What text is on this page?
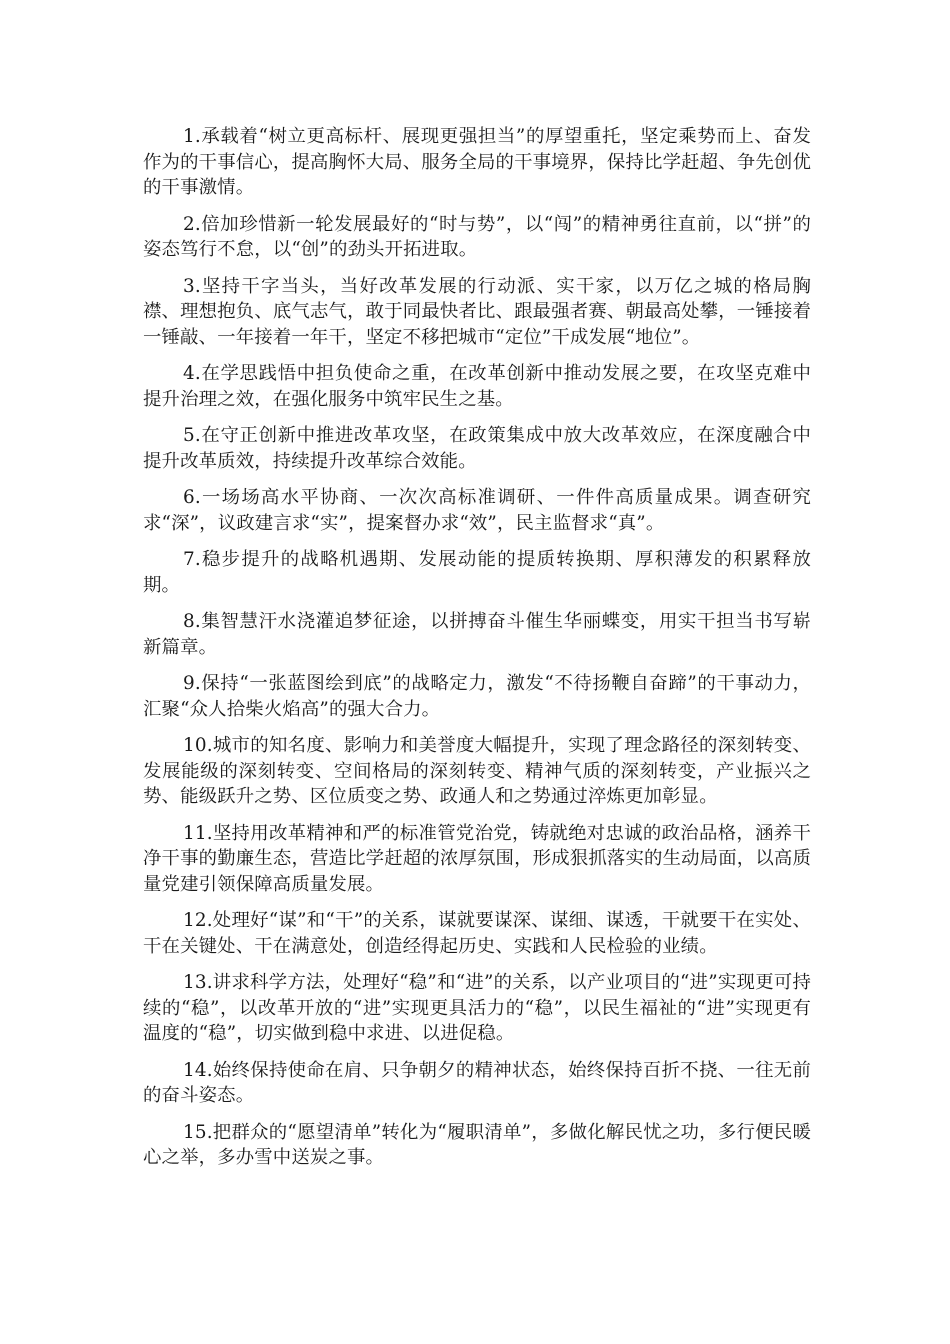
1.承载着“树立更高标杆、展现更强担当”的厚望重托，坚定乘势而上、奋发作为的干事信心，提高胸怀大局、服务全局的干事境界，保持比学赶超、争先创优的干事激情。

2.倍加珍惜新一轮发展最好的“时与势”，以“闯”的精神勇往直前，以“拼”的姿态笃行不怠，以“创”的劲头开拓进取。

3.坚持干字当头，当好改革发展的行动派、实干家，以万亿之城的格局胸襟、理想抱负、底气志气，敢于同最快者比、跟最强者赛、朝最高处攀，一锤接着一锤敲、一年接着一年干，坚定不移把城市“定位”干成发展“地位”。

4.在学思践悟中担负使命之重，在改革创新中推动发展之要，在攻坚克难中提升治理之效，在强化服务中筑牢民生之基。

5.在守正创新中推进改革攻坚，在政策集成中放大改革效应，在深度融合中提升改革质效，持续提升改革综合效能。

6.一场场高水平协商、一次次高标准调研、一件件高质量成果。调查研究求“深”，议政建言求“实”，提案督办求“效”，民主监督求“真”。

7.稳步提升的战略机遇期、发展动能的提质转换期、厚积薄发的积累释放期。

8.集智慧汗水浇灌追梦征途，以拼搏奋斗催生华丽蝶变，用实干担当书写崭新篇章。

9.保持“一张蓝图绘到底”的战略定力，激发“不待扬鞭自奋蹄”的干事动力，汇聚“众人拾柴火焰高”的强大合力。

10.城市的知名度、影响力和美誉度大幅提升，实现了理念路径的深刻转变、发展能级的深刻转变、空间格局的深刻转变、精神气质的深刻转变，产业振兴之势、能级跃升之势、区位质变之势、政通人和之势通过淬炼更加彰显。

11.坚持用改革精神和严的标准管党治党，铸就绝对忠诚的政治品格，涵养干净干事的勤廉生态，营造比学赶超的浓厚氛围，形成狠抓落实的生动局面，以高质量党建引领保障高质量发展。

12.处理好“谋”和“干”的关系，谋就要谋深、谋细、谋透，干就要干在实处、干在关键处、干在满意处，创造经得起历史、实践和人民检验的业绩。

13.讲求科学方法，处理好“稳”和“进”的关系，以产业项目的“进”实现更可持续的“稳”，以改革开放的“进”实现更具活力的“稳”，以民生福祉的“进”实现更有温度的“稳”，切实做到稳中求进、以进促稳。

14.始终保持使命在肩、只争朝夕的精神状态，始终保持百折不挠、一往无前的奋斗姿态。

15.把群众的“愿望清单”转化为“履职清单”，多做化解民忧之功，多行便民暖心之举，多办雪中送炭之事。
